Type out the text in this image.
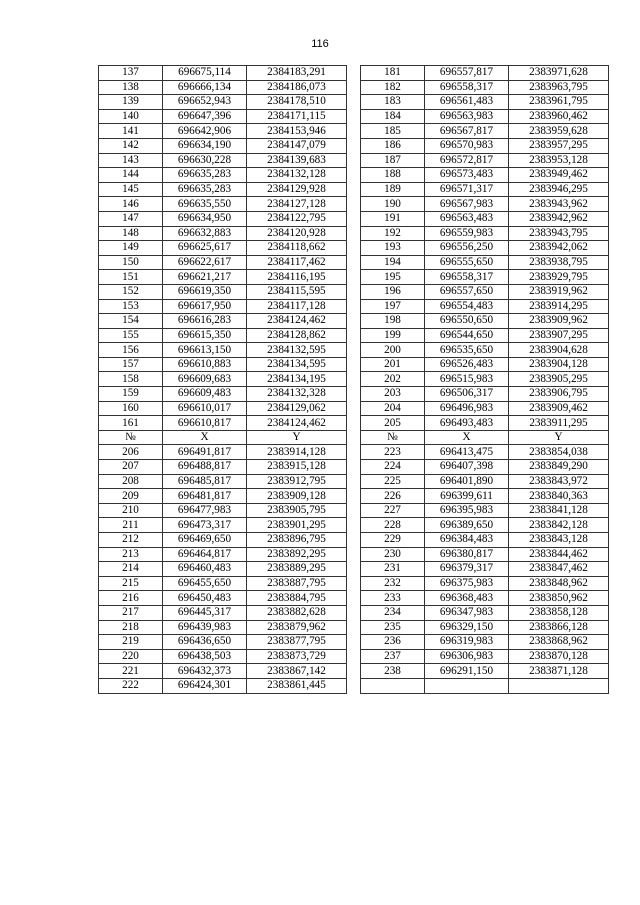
116
137	696675,114	2384183,291		181	696557,817	2383971,628
138	696666,134	2384186,073		182	696558,317	2383963,795
139	696652,943	2384178,510		183	696561,483	2383961,795
140	696647,396	2384171,115		184	696563,983	2383960,462
141	696642,906	2384153,946		185	696567,817	2383959,628
142	696634,190	2384147,079		186	696570,983	2383957,295
143	696630,228	2384139,683		187	696572,817	2383953,128
144	696635,283	2384132,128		188	696573,483	2383949,462
145	696635,283	2384129,928		189	696571,317	2383946,295
146	696635,550	2384127,128		190	696567,983	2383943,962
147	696634,950	2384122,795		191	696563,483	2383942,962
148	696632,883	2384120,928		192	696559,983	2383943,795
149	696625,617	2384118,662		193	696556,250	2383942,062
150	696622,617	2384117,462		194	696555,650	2383938,795
151	696621,217	2384116,195		195	696558,317	2383929,795
152	696619,350	2384115,595		196	696557,650	2383919,962
153	696617,950	2384117,128		197	696554,483	2383914,295
154	696616,283	2384124,462		198	696550,650	2383909,962
155	696615,350	2384128,862		199	696544,650	2383907,295
156	696613,150	2384132,595		200	696535,650	2383904,628
157	696610,883	2384134,595		201	696526,483	2383904,128
158	696609,683	2384134,195		202	696515,983	2383905,295
159	696609,483	2384132,328		203	696506,317	2383906,795
160	696610,017	2384129,062		204	696496,983	2383909,462
161	696610,817	2384124,462		205	696493,483	2383911,295
№	X	Y		№	X	Y
206	696491,817	2383914,128		223	696413,475	2383854,038
207	696488,817	2383915,128		224	696407,398	2383849,290
208	696485,817	2383912,795		225	696401,890	2383843,972
209	696481,817	2383909,128		226	696399,611	2383840,363
210	696477,983	2383905,795		227	696395,983	2383841,128
211	696473,317	2383901,295		228	696389,650	2383842,128
212	696469,650	2383896,795		229	696384,483	2383843,128
213	696464,817	2383892,295		230	696380,817	2383844,462
214	696460,483	2383889,295		231	696379,317	2383847,462
215	696455,650	2383887,795		232	696375,983	2383848,962
216	696450,483	2383884,795		233	696368,483	2383850,962
217	696445,317	2383882,628		234	696347,983	2383858,128
218	696439,983	2383879,962		235	696329,150	2383866,128
219	696436,650	2383877,795		236	696319,983	2383868,962
220	696438,503	2383873,729		237	696306,983	2383870,128
221	696432,373	2383867,142		238	696291,150	2383871,128
222	696424,301	2383861,445				
